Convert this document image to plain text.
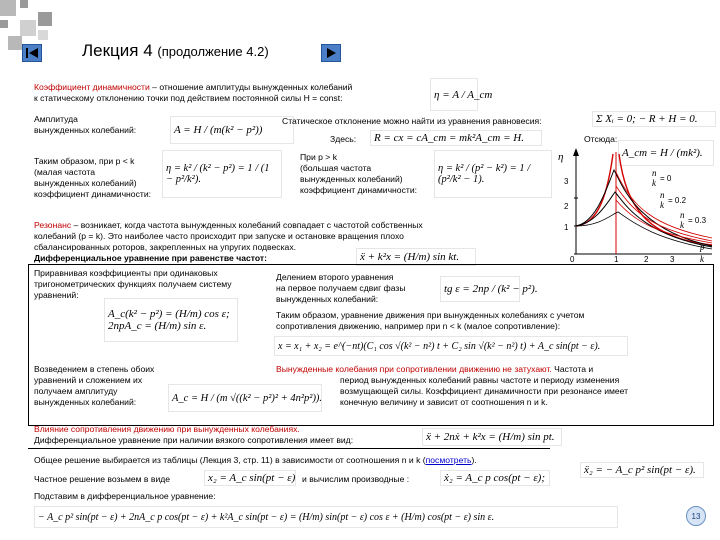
Лекция 4 (продолжение 4.2)
Коэффициент динамичности – отношение амплитуды вынужденных колебаний
к статическому отклонению точки под действием постоянной силы H = const:	η = A / A_ст
Амплитуда
вынужденных колебаний:	A = H / (m(k² − p²))
Статическое отклонение можно найти из уравнения равновесия:	Σ Xᵢ = 0; − R + H = 0.
Здесь:	R = cx = cA_ст = mk²A_ст = H.	Отсюда:
A_ст = H / (mk²).
Таким образом, при p < k
(малая частота
вынужденных колебаний)
коэффициент динамичности:
η = k² / (k² − p²) = 1 / (1 − p²/k²).
При p > k
(большая частота
вынужденных колебаний)
коэффициент динамичности:
η = k² / (p² − k²) = 1 / (p²/k² − 1).
η
3
2
1
0	1	2	3
p
k
n
k = 0
n
k = 0.2
n
k = 0.3
Резонанс – возникает, когда частота вынужденных колебаний совпадает с частотой собственных
колебаний (p = k). Это наиболее часто происходит при запуске и остановке вращения плохо
сбалансированных роторов, закрепленных на упругих подвесках.
Дифференциальное уравнение при равенстве частот:	ẍ + k²x = (H/m) sin kt.
Приравнивая коэффициенты при одинаковых
тригонометрических функциях получаем систему
уравнений:
A_c(k² − p²) = (H/m) cos ε;
2npA_c = (H/m) sin ε.
Делением второго уравнения
на первое получаем сдвиг фазы
вынужденных колебаний:
tg ε = 2np / (k² − p²).
Таким образом, уравнение движения при вынужденных колебаниях с учетом
сопротивления движению, например при n < k (малое сопротивление):
x = x₁ + x₂ = e^(−nt)(C₁ cos √(k² − n²) t + C₂ sin √(k² − n²) t) + A_c sin(pt − ε).
Возведением в степень обоих
уравнений и сложением их
получаем амплитуду
вынужденных колебаний:	A_c = H / (m √((k² − p²)² + 4n²p²)).
Вынужденные колебания при сопротивлении движению не затухают. Частота и
период вынужденных колебаний равны частоте и периоду изменения
возмущающей силы. Коэффициент динамичности при резонансе имеет
конечную величину и зависит от соотношения n и k.
Влияние сопротивления движению при вынужденных колебаниях.
Дифференциальное уравнение при наличии вязкого сопротивления имеет вид:	ẍ + 2nẋ + k²x = (H/m) sin pt.
Общее решение выбирается из таблицы (Лекция 3, стр. 11) в зависимости от соотношения n и k (посмотреть).
ẍ₂ = − A_c p² sin(pt − ε).
Частное решение возьмем в виде	x₂ = A_c sin(pt − ε) и вычислим производные :	ẋ₂ = A_c p cos(pt − ε);
Подставим в дифференциальное уравнение:
− A_c p² sin(pt − ε) + 2nA_c p cos(pt − ε) + k²A_c sin(pt − ε) = (H/m) sin(pt − ε) cos ε + (H/m) cos(pt − ε) sin ε.	13
